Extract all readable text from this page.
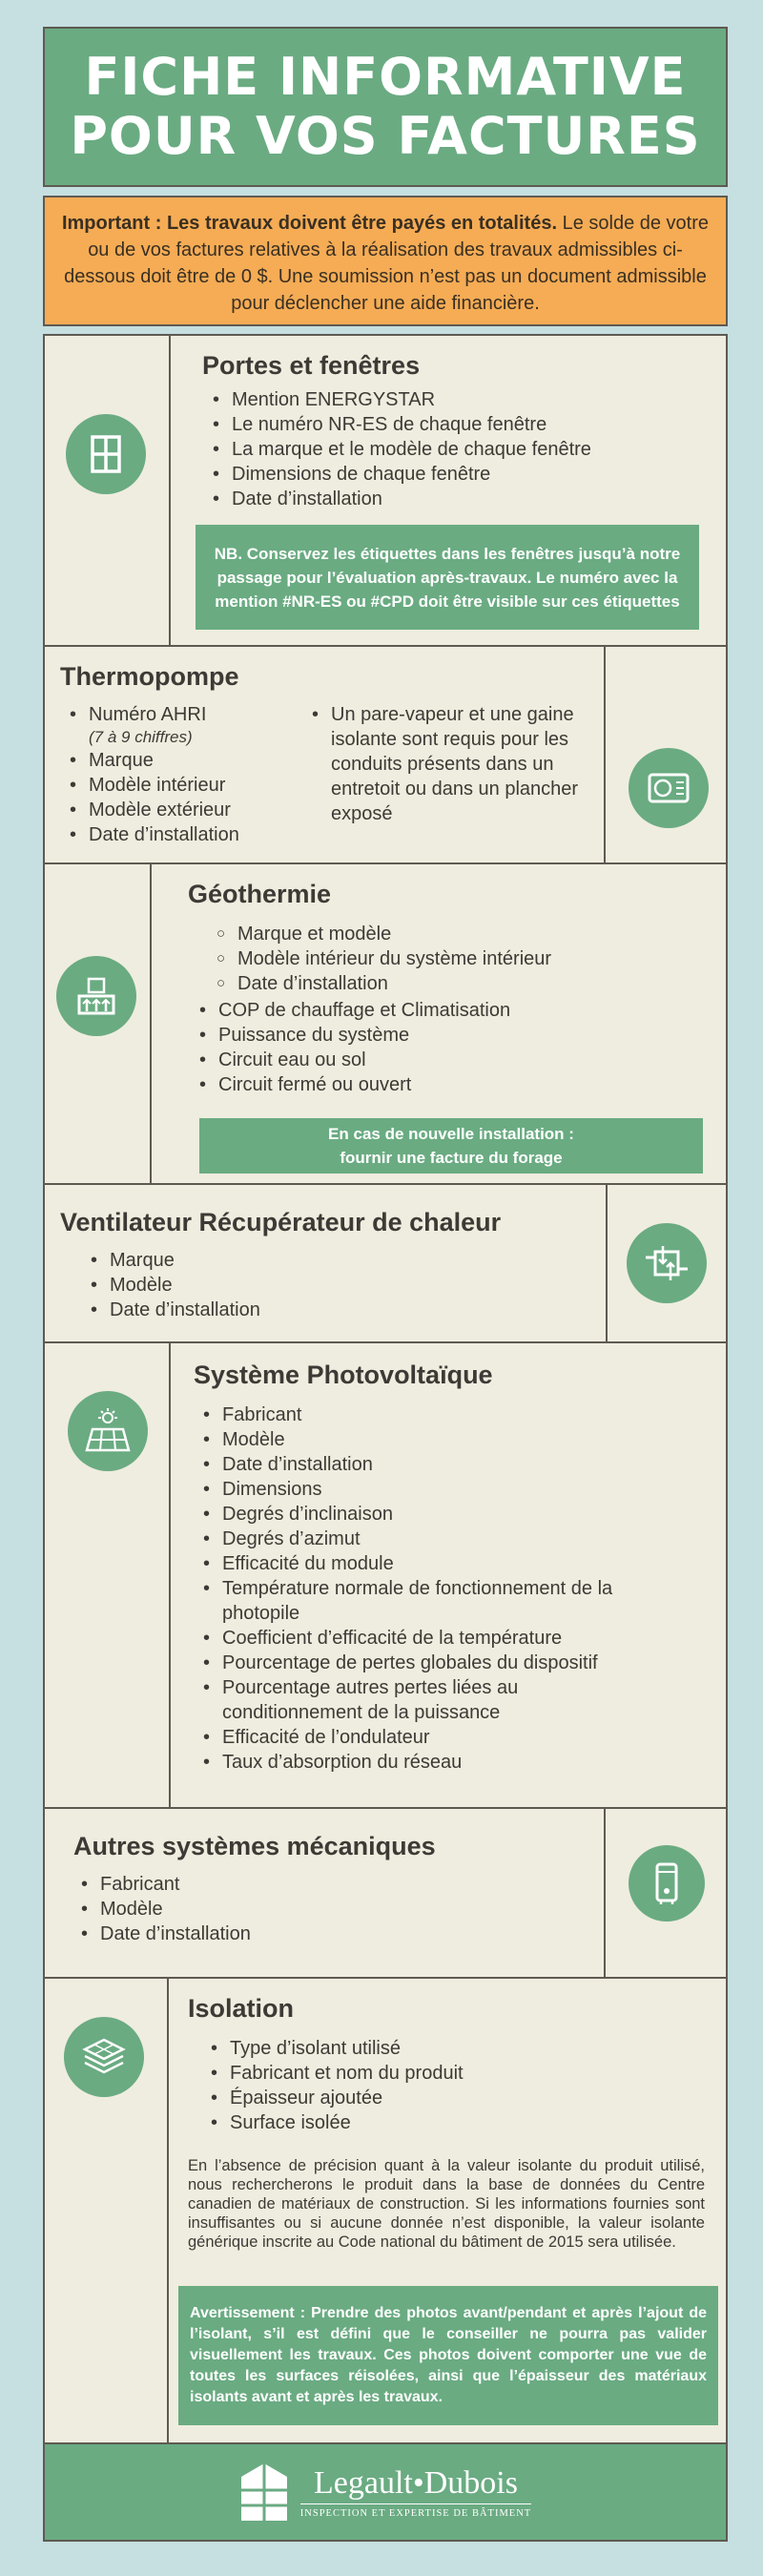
FICHE INFORMATIVE
POUR VOS FACTURES
Important : Les travaux doivent être payés en totalités. Le solde de votre ou de vos factures relatives à la réalisation des travaux admissibles ci-dessous doit être de 0 $. Une soumission n’est pas un document admissible pour déclencher une aide financière.
Portes et fenêtres
• Mention ENERGYSTAR
• Le numéro NR-ES de chaque fenêtre
• La marque et le modèle de chaque fenêtre
• Dimensions de chaque fenêtre
• Date d’installation
NB. Conservez les étiquettes dans les fenêtres jusqu’à notre passage pour l’évaluation après-travaux. Le numéro avec la mention #NR-ES ou #CPD doit être visible sur ces étiquettes
Thermopompe
• Numéro AHRI
(7 à 9 chiffres)
• Marque
• Modèle intérieur
• Modèle extérieur
• Date d’installation
• Un pare-vapeur et une gaine isolante sont requis pour les conduits présents dans un entretoit ou dans un plancher exposé
Géothermie
○ Marque et modèle
○ Modèle intérieur du système intérieur
○ Date d’installation
• COP de chauffage et Climatisation
• Puissance du système
• Circuit eau ou sol
• Circuit fermé ou ouvert
En cas de nouvelle installation :
fournir une facture du forage
Ventilateur Récupérateur de chaleur
• Marque
• Modèle
• Date d’installation
Système Photovoltaïque
• Fabricant
• Modèle
• Date d’installation
• Dimensions
• Degrés d’inclinaison
• Degrés d’azimut
• Efficacité du module
• Température normale de fonctionnement de la photopile
• Coefficient d’efficacité de la température
• Pourcentage de pertes globales du dispositif
• Pourcentage autres pertes liées au conditionnement de la puissance
• Efficacité de l’ondulateur
• Taux d’absorption du réseau
Autres systèmes mécaniques
• Fabricant
• Modèle
• Date d’installation
Isolation
• Type d’isolant utilisé
• Fabricant et nom du produit
• Épaisseur ajoutée
• Surface isolée
En l’absence de précision quant à la valeur isolante du produit utilisé, nous rechercherons le produit dans la base de données du Centre canadien de matériaux de construction. Si les informations fournies sont insuffisantes ou si aucune donnée n’est disponible, la valeur isolante générique inscrite au Code national du bâtiment de 2015 sera utilisée.
Avertissement : Prendre des photos avant/pendant et après l’ajout de l’isolant, s’il est défini que le conseiller ne pourra pas valider visuellement les travaux. Ces photos doivent comporter une vue de toutes les surfaces réisolées, ainsi que l’épaisseur des matériaux isolants avant et après les travaux.
Legault•Dubois
INSPECTION ET EXPERTISE DE BÂTIMENT
